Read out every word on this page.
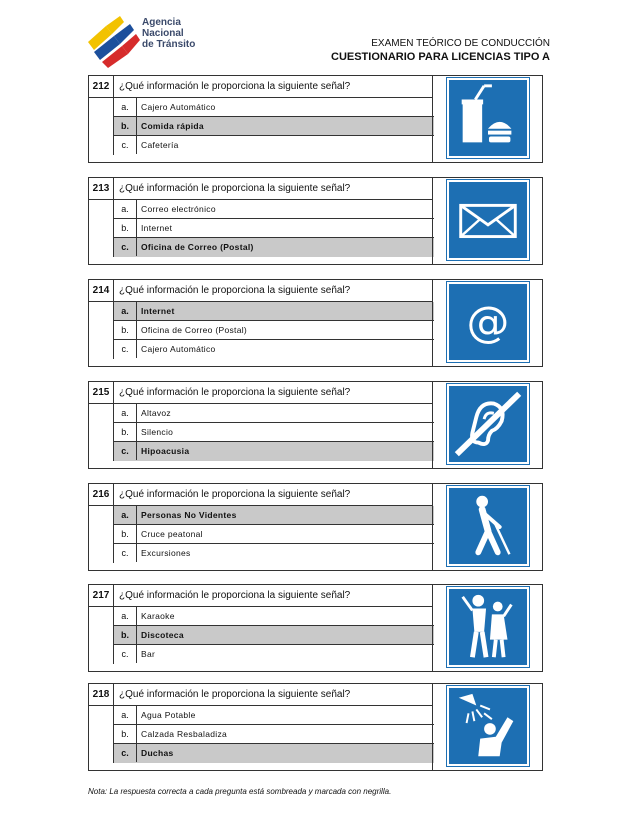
Agencia
Nacional
de Tránsito	EXAMEN TEÓRICO DE CONDUCCIÓN
CUESTIONARIO PARA LICENCIAS TIPO A
212 ¿Qué información le proporciona la siguiente señal?
a.	Cajero Automático
b.	Comida rápida
c.	Cafetería
213 ¿Qué información le proporciona la siguiente señal?
a.	Correo electrónico
b.	Internet
c.	Oficina de Correo (Postal)
214 ¿Qué información le proporciona la siguiente señal?
a.	Internet
b.	Oficina de Correo (Postal)
c.	Cajero Automático
@
215 ¿Qué información le proporciona la siguiente señal?
a.	Altavoz
b.	Silencio
c.	Hipoacusia
216 ¿Qué información le proporciona la siguiente señal?
a.	Personas No Videntes
b.	Cruce peatonal
c.	Excursiones
217 ¿Qué información le proporciona la siguiente señal?
a.	Karaoke
b.	Discoteca
c.	Bar
218 ¿Qué información le proporciona la siguiente señal?
a.	Agua Potable
b.	Calzada Resbaladiza
c.	Duchas
Nota: La respuesta correcta a cada pregunta está sombreada y marcada con negrilla.
